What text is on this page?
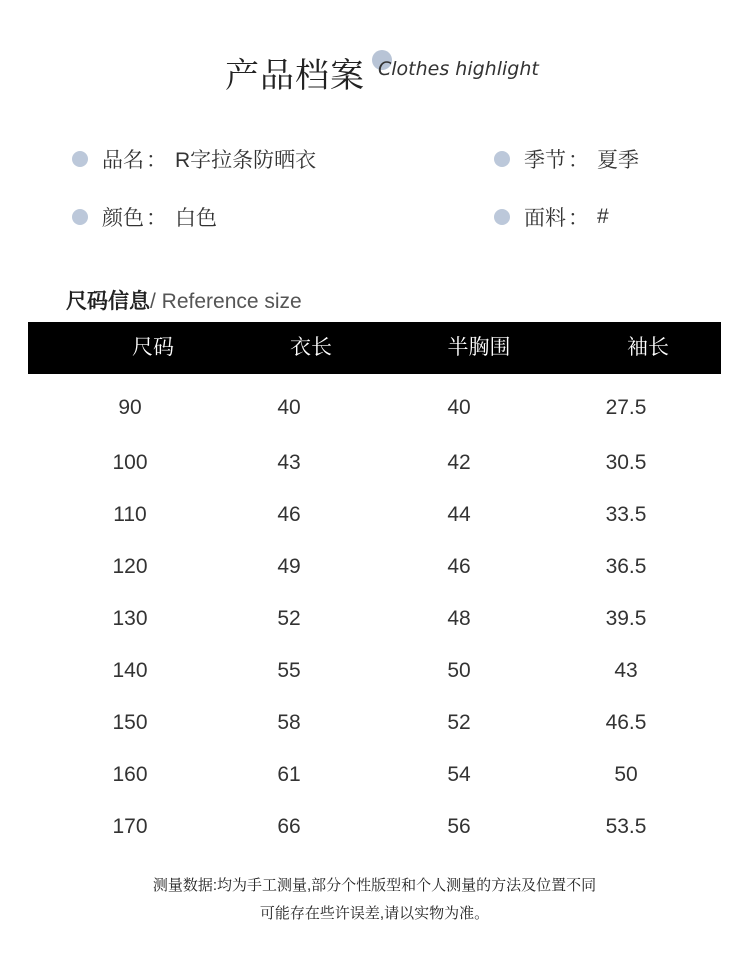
产品档案 Clothes highlight
品名 ： R字拉条防晒衣	季节 ： 夏季
颜色 ： 白色	面料 ： #
尺码信息/ Reference size
尺码	衣长	半胸围	袖长
90	40	40	27.5
100	43	42	30.5
110	46	44	33.5
120	49	46	36.5
130	52	48	39.5
140	55	50	43
150	58	52	46.5
160	61	54	50
170	66	56	53.5
测量数据:均为手工测量,部分个性版型和个人测量的方法及位置不同
可能存在些许误差,请以实物为准。
